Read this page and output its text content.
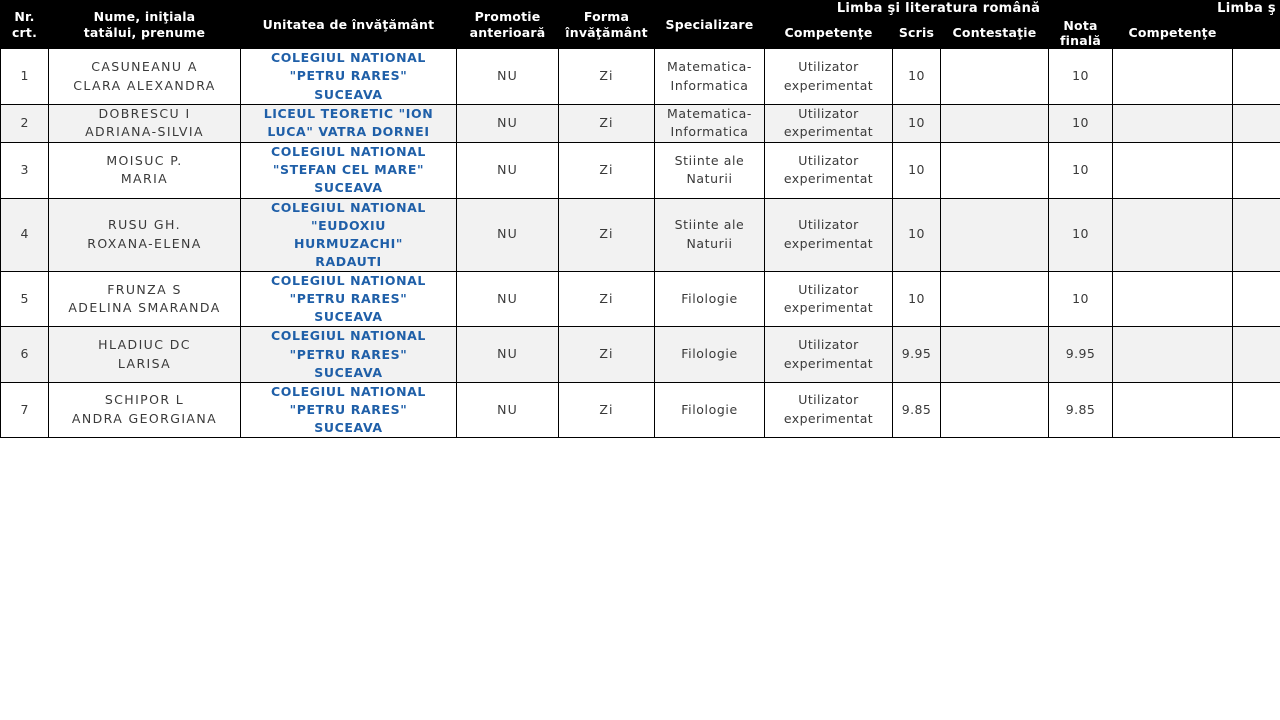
Nr.
crt.	Nume, iniţiala
tatălui, prenume	Unitatea de învăţământ	Promotie
anterioară	Forma
învăţământ	Specializare	Limba şi literatura română				Limba ş	
						Competenţe	Scris	Contestaţie	Nota
finală	Competenţe	
1	CASUNEANU A
CLARA ALEXANDRA	COLEGIUL NATIONAL
"PETRU RARES"
SUCEAVA	NU	Zi	Matematica-
Informatica	Utilizator
experimentat	10		10		
2	DOBRESCU I
ADRIANA-SILVIA	LICEUL TEORETIC "ION
LUCA" VATRA DORNEI	NU	Zi	Matematica-
Informatica	Utilizator
experimentat	10		10		
3	MOISUC P.
MARIA	COLEGIUL NATIONAL
"STEFAN CEL MARE"
SUCEAVA	NU	Zi	Stiinte ale
Naturii	Utilizator
experimentat	10		10		
4	RUSU GH.
ROXANA-ELENA	COLEGIUL NATIONAL
"EUDOXIU
HURMUZACHI"
RADAUTI	NU	Zi	Stiinte ale
Naturii	Utilizator
experimentat	10		10		
5	FRUNZA S
ADELINA SMARANDA	COLEGIUL NATIONAL
"PETRU RARES"
SUCEAVA	NU	Zi	Filologie	Utilizator
experimentat	10		10		
6	HLADIUC DC
LARISA	COLEGIUL NATIONAL
"PETRU RARES"
SUCEAVA	NU	Zi	Filologie	Utilizator
experimentat	9.95		9.95		
7	SCHIPOR L
ANDRA GEORGIANA	COLEGIUL NATIONAL
"PETRU RARES"
SUCEAVA	NU	Zi	Filologie	Utilizator
experimentat	9.85		9.85		
